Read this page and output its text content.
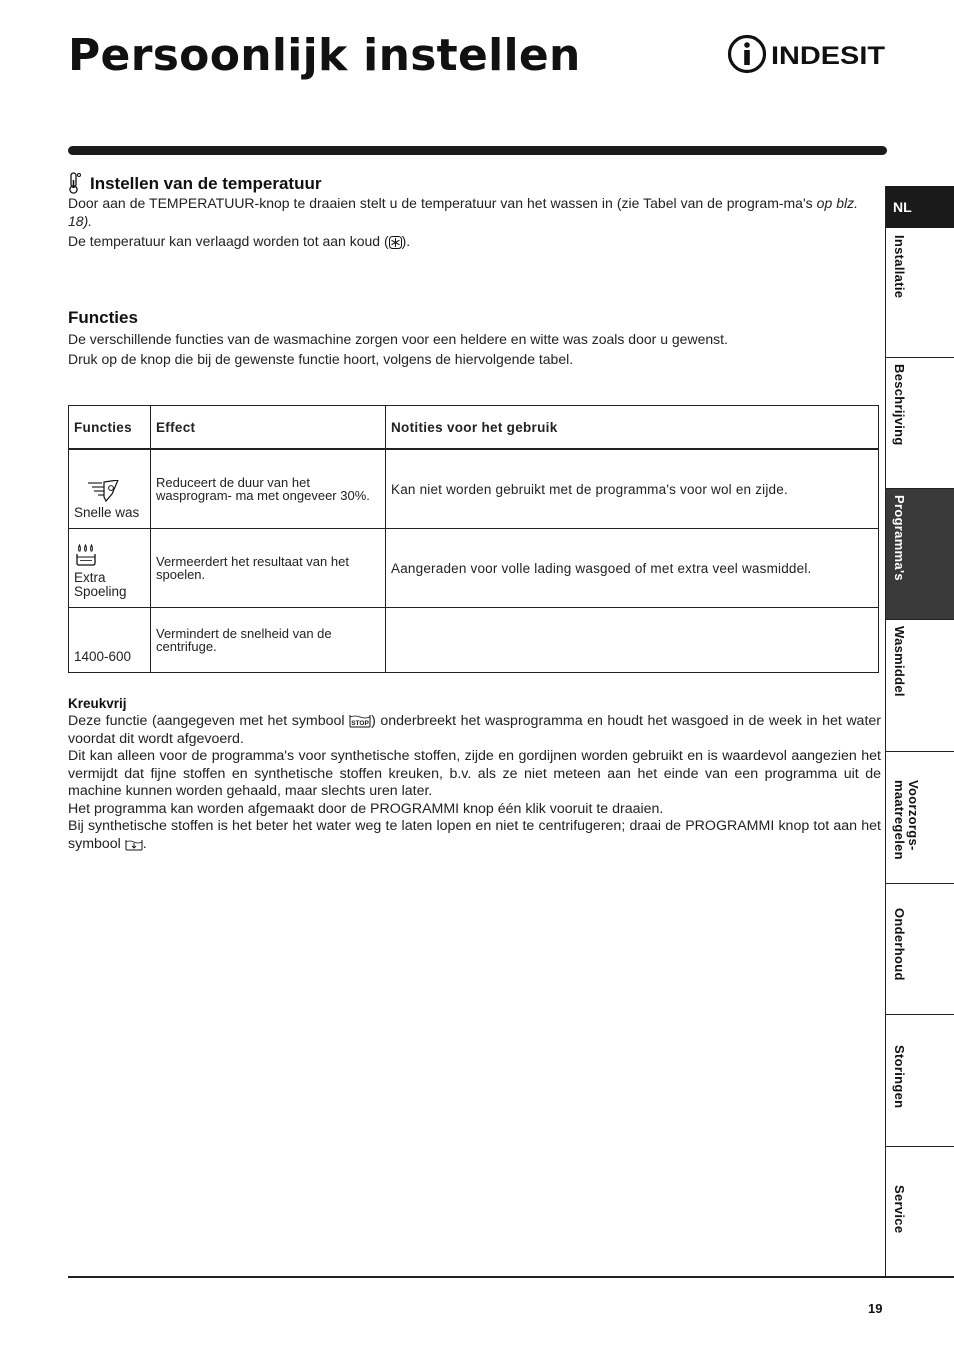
Persoonlijk instellen	INDESIT
Instellen van de temperatuur

Door aan de TEMPERATUUR-knop te draaien stelt u de temperatuur van het wassen in (zie Tabel van de program-ma's op blz. 18).

De temperatuur kan verlaagd worden tot aan koud ( ).

Functies

De verschillende functies van de wasmachine zorgen voor een heldere en witte was zoals door u gewenst.

Druk op de knop die bij de gewenste functie hoort, volgens de hiervolgende tabel.

Functies	Effect	Notities voor het gebruik

Snelle was	Reduceert de duur van het wasprogram- ma met ongeveer 30%.	Kan niet worden gebruikt met de programma's voor wol en zijde.

Extra Spoeling	Vermeerdert het resultaat van het spoelen.	Aangeraden voor volle lading wasgoed of met extra veel wasmiddel.
1400-600	Vermindert de snelheid van de centrifuge.	
Kreukvrij

Deze functie (aangegeven met het symbool STOP ) onderbreekt het wasprogramma en houdt het wasgoed in de week in het water voordat dit wordt afgevoerd.

Dit kan alleen voor de programma's voor synthetische stoffen, zijde en gordijnen worden gebruikt en is waardevol aangezien het vermijdt dat fijne stoffen en synthetische stoffen kreuken, b.v. als ze niet meteen aan het einde van een programma uit de machine kunnen worden gehaald, maar slechts uren later.

Het programma kan worden afgemaakt door de PROGRAMMI knop één klik vooruit te draaien.

Bij synthetische stoffen is het beter het water weg te laten lopen en niet te centrifugeren; draai de PROGRAMMI knop tot aan het symbool .

NL
Installatie
Beschrijving
Programma's
Wasmiddel
Voorzorgs- maatregelen
Onderhoud
Storingen
Service
19
